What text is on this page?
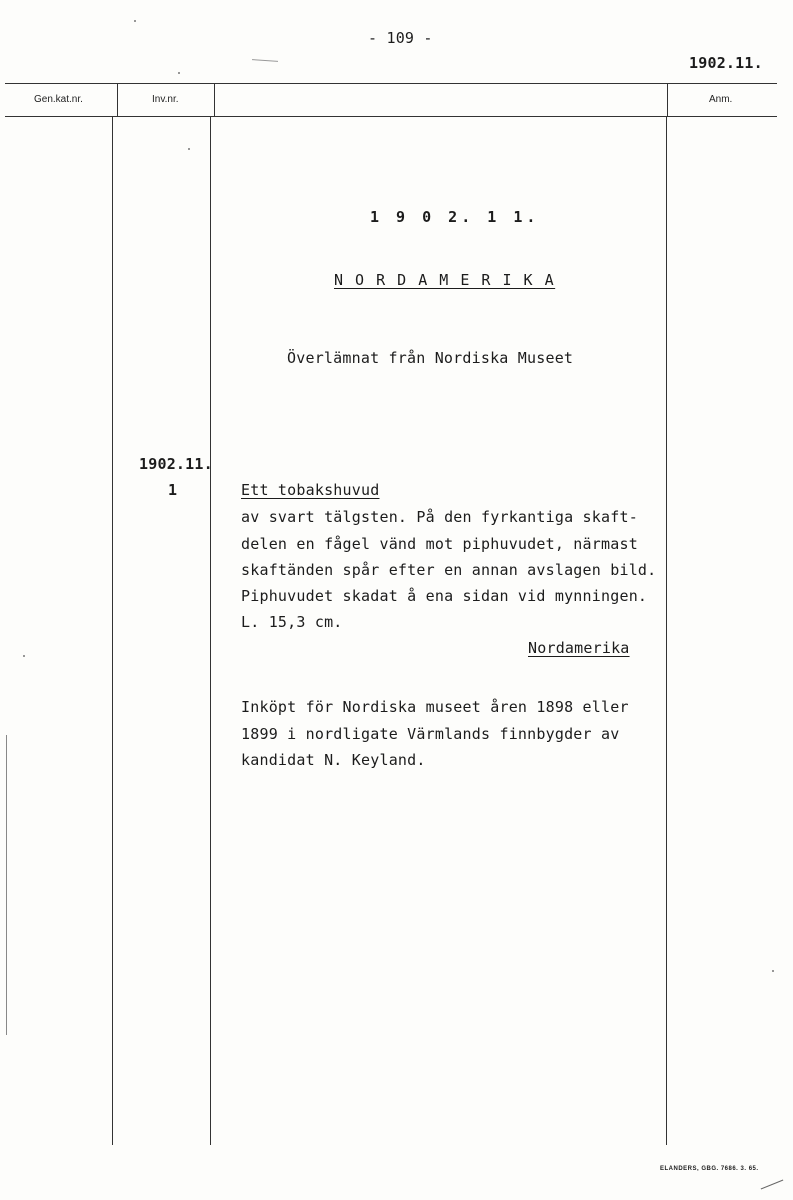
- 109 -
1902.11.
Gen.kat.nr.	Inv.nr.	Anm.
1 9 0 2. 1 1.
N O R D A M E R I K A
Överlämnat från Nordiska Museet
1902.11.
1	Ett tobakshuvud
av svart tälgsten. På den fyrkantiga skaft-
delen en fågel vänd mot piphuvudet, närmast
skaftänden spår efter en annan avslagen bild.
Piphuvudet skadat å ena sidan vid mynningen.
L. 15,3 cm.
Nordamerika
Inköpt för Nordiska museet åren 1898 eller
1899 i nordligate Värmlands finnbygder av
kandidat N. Keyland.
ELANDERS, GBG. 7686. 3. 65.
